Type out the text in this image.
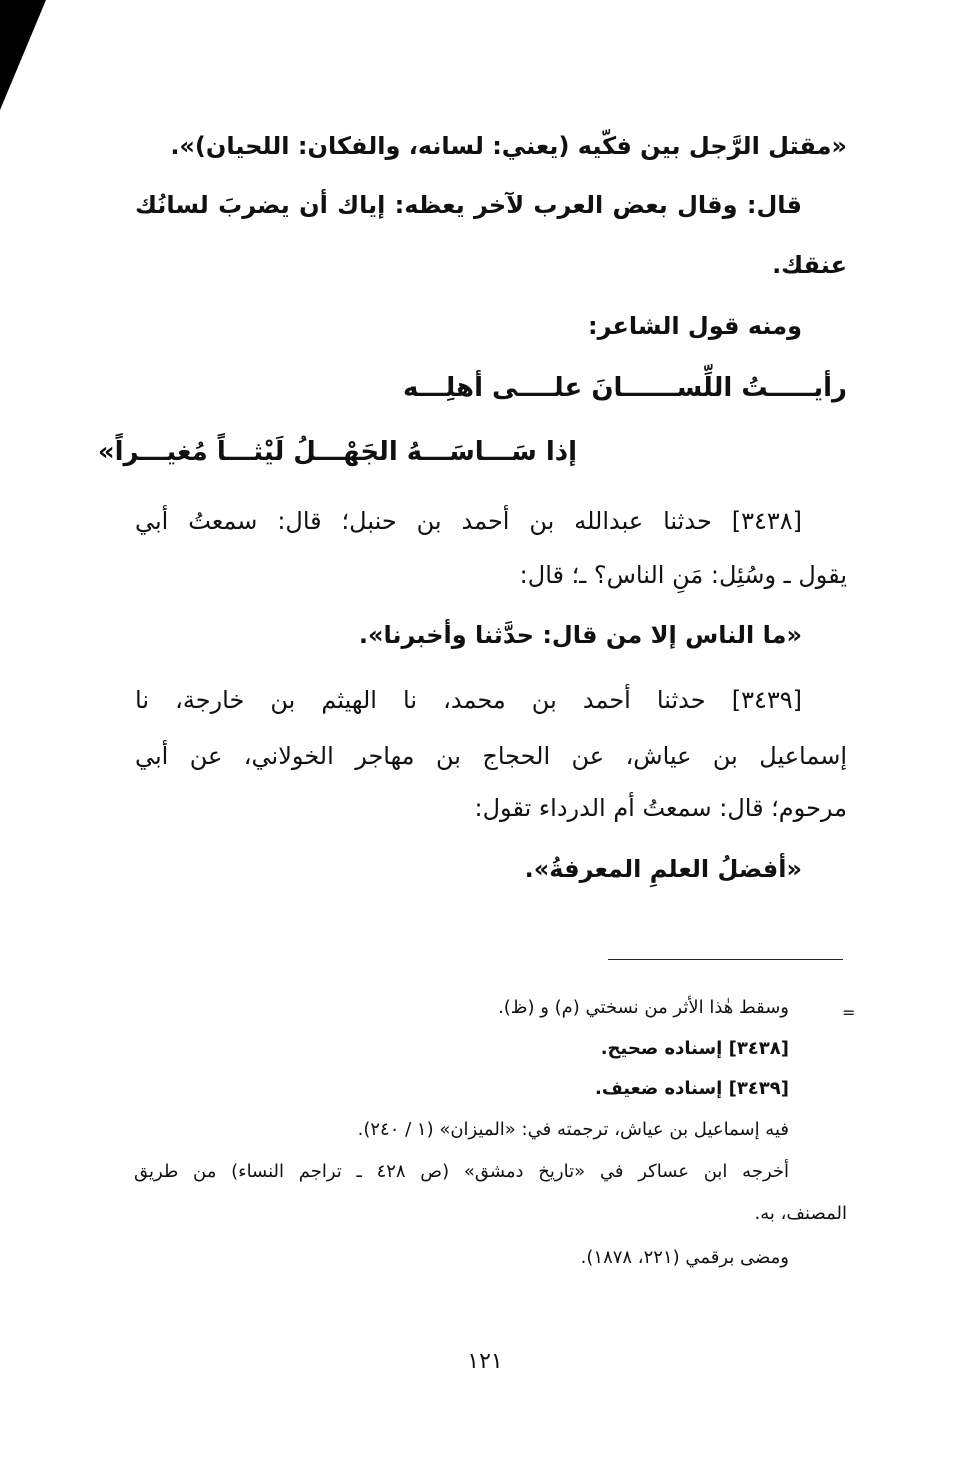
«مقتل الرَّجل بين فكّيه (يعني: لسانه، والفكان: اللحيان)».
قال: وقال بعض العرب لآخر يعظه: إياك أن يضربَ لسانُك
عنقك.
ومنه قول الشاعر:
رأيـــــتُ اللِّســــــانَ علــــى أهلِـــه
إذا سَـــاسَـــهُ الجَهْـــلُ لَيْثـــاً مُغيـــراً»
[٣٤٣٨] حدثنا عبدالله بن أحمد بن حنبل؛ قال: سمعتُ أبي
يقول ـ وسُئِل: مَنِ الناس؟ ـ؛ قال:
«ما الناس إلا من قال: حدَّثنا وأخبرنا».
[٣٤٣٩] حدثنا أحمد بن محمد، نا الهيثم بن خارجة، نا
إسماعيل بن عياش، عن الحجاج بن مهاجر الخولاني، عن أبي
مرحوم؛ قال: سمعتُ أم الدرداء تقول:
«أفضلُ العلمِ المعرفةُ».
=
وسقط هٰذا الأثر من نسختي (م) و (ظ).
[٣٤٣٨] إسناده صحيح.
[٣٤٣٩] إسناده ضعيف.
فيه إسماعيل بن عياش، ترجمته في: «الميزان» (١ / ٢٤٠).
أخرجه ابن عساكر في «تاريخ دمشق» (ص ٤٢٨ ـ تراجم النساء) من طريق
المصنف، به.
ومضى برقمي (٢٢١، ١٨٧٨).
١٢١
